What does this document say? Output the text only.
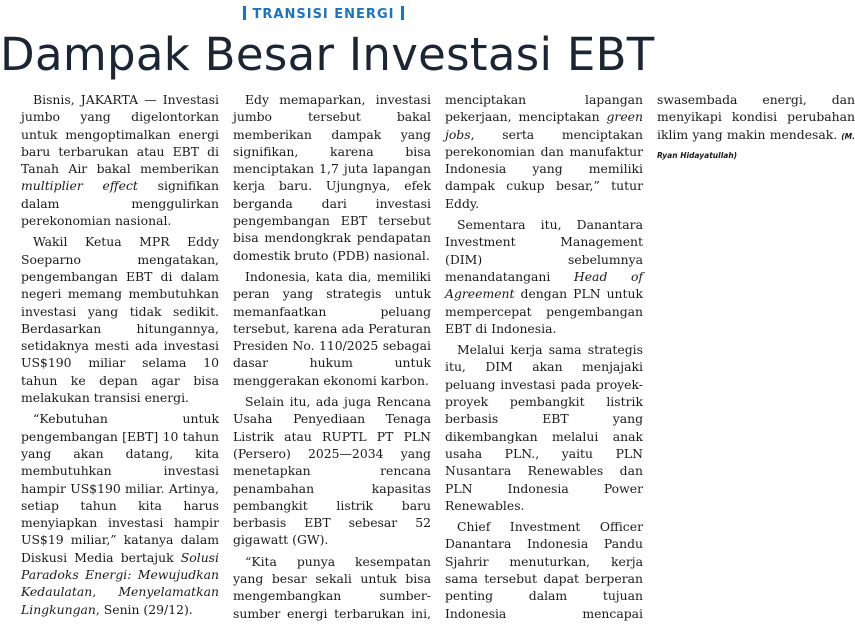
TRANSISI ENERGI
Dampak Besar Investasi EBT

Bisnis, JAKARTA — Investasi jumbo yang digelontorkan untuk mengoptimalkan energi baru terbarukan atau EBT di Tanah Air bakal memberikan multiplier effect signifikan dalam menggulirkan perekonomian nasional.

Wakil Ketua MPR Eddy Soeparno mengatakan, pengembangan EBT di dalam negeri memang membutuhkan investasi yang tidak sedikit. Berdasarkan hitungannya, setidaknya mesti ada investasi US$190 miliar selama 10 tahun ke depan agar bisa melakukan transisi energi.

“Kebutuhan untuk pengembangan [EBT] 10 tahun yang akan datang, kita membutuhkan investasi hampir US$190 miliar. Artinya, setiap tahun kita harus menyiapkan investasi hampir US$19 miliar,” katanya dalam Diskusi Media bertajuk Solusi Paradoks Energi: Mewujudkan Kedaulatan, Menyelamatkan Lingkungan, Senin (29/12).

Edy memaparkan, investasi jumbo tersebut bakal memberikan dampak yang signifikan, karena bisa menciptakan 1,7 juta lapangan kerja baru. Ujungnya, efek berganda dari investasi pengembangan EBT tersebut bisa mendongkrak pendapatan domestik bruto (PDB) nasional.

Indonesia, kata dia, memiliki peran yang strategis untuk memanfaatkan peluang tersebut, karena ada Peraturan Presiden No. 110/2025 sebagai dasar hukum untuk menggerakan ekonomi karbon.

Selain itu, ada juga Rencana Usaha Penyediaan Tenaga Listrik atau RUPTL PT PLN (Persero) 2025—2034 yang menetapkan rencana penambahan kapasitas pembangkit listrik baru berbasis EBT sebesar 52 gigawatt (GW).

“Kita punya kesempatan yang besar sekali untuk bisa mengembangkan sumber-sumber energi terbarukan ini, menciptakan lapangan pekerjaan, menciptakan green jobs, serta menciptakan perekonomian dan manufaktur Indonesia yang memiliki dampak cukup besar,” tutur Eddy.

Sementara itu, Danantara Investment Management (DIM) sebelumnya menandatangani Head of Agreement dengan PLN untuk mempercepat pengembangan EBT di Indonesia.

Melalui kerja sama strategis itu, DIM akan menjajaki peluang investasi pada proyek-proyek pembangkit listrik berbasis EBT yang dikembangkan melalui anak usaha PLN., yaitu PLN Nusantara Renewables dan PLN Indonesia Power Renewables.

Chief Investment Officer Danantara Indonesia Pandu Sjahrir menuturkan, kerja sama tersebut dapat berperan penting dalam tujuan Indonesia mencapai swasembada energi, dan menyikapi kondisi perubahan iklim yang makin mendesak. (M. Ryan Hidayatullah)
